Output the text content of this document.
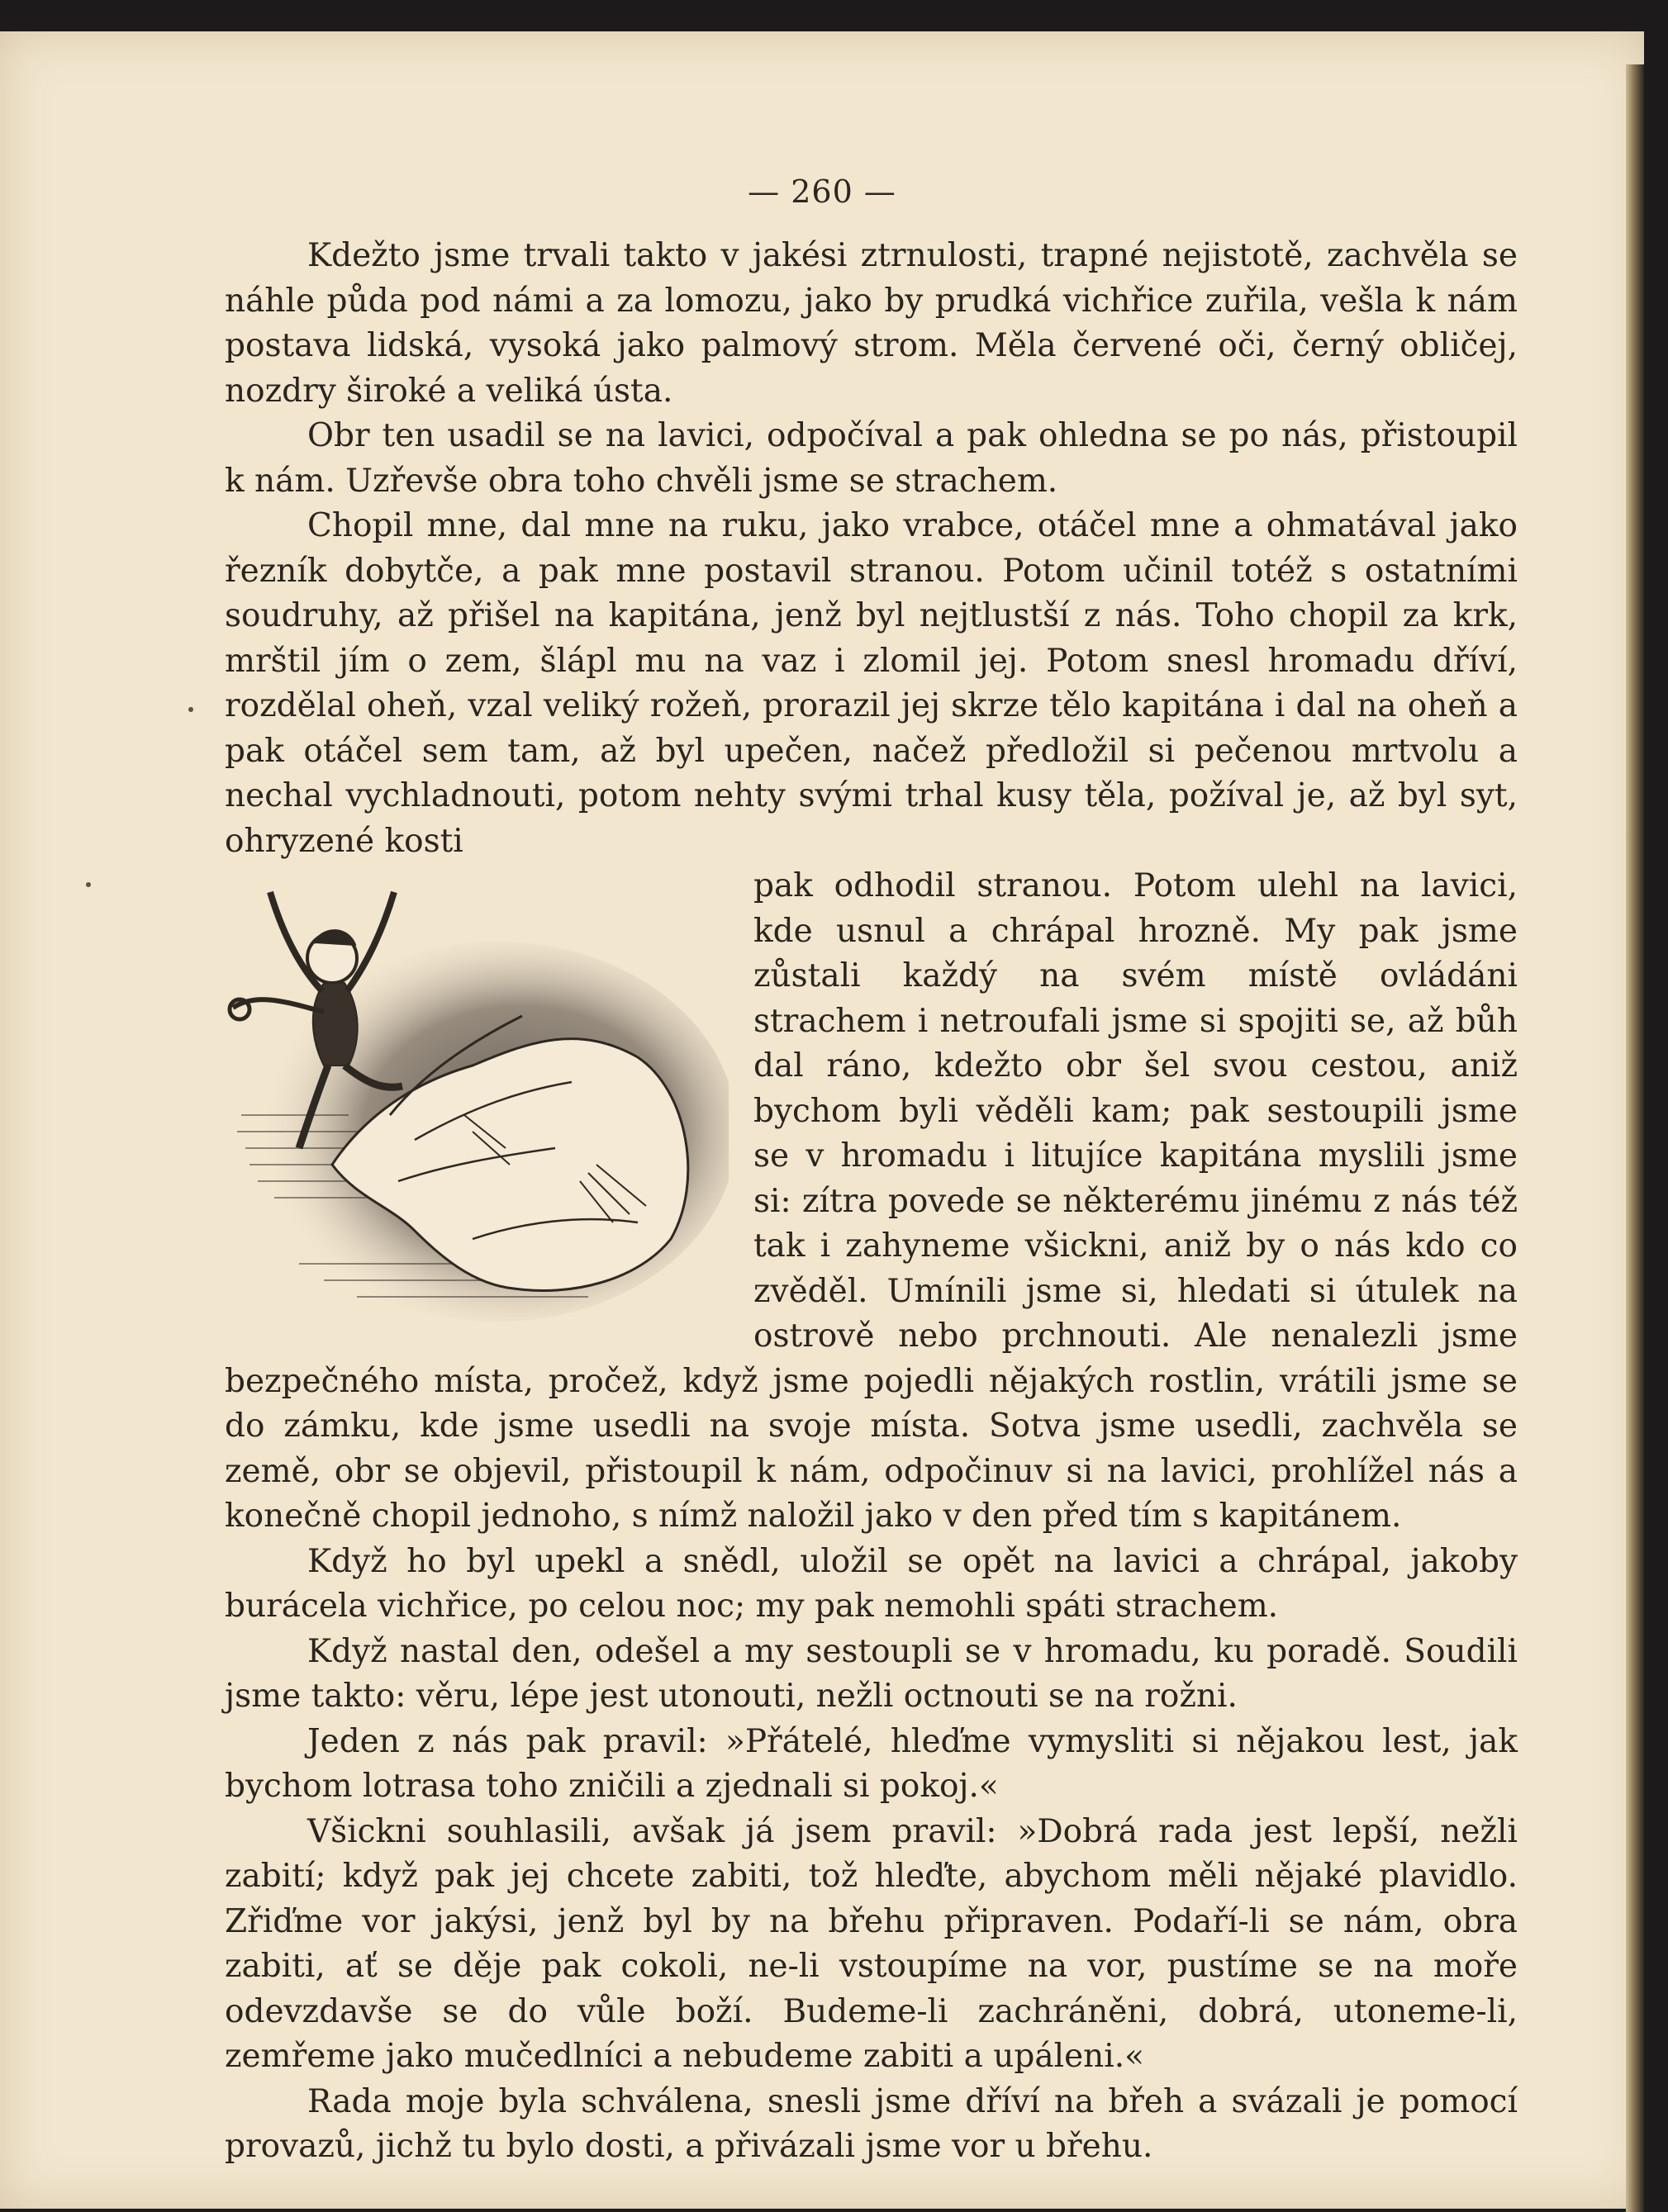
— 260 —

Kdežto jsme trvali takto v jakési ztrnulosti, trapné nejistotě, zachvěla se náhle půda pod námi a za lomozu, jako by prudká vichřice zuřila, vešla k nám postava lidská, vysoká jako palmový strom. Měla červené oči, černý obličej, nozdry široké a veliká ústa.

Obr ten usadil se na lavici, odpočíval a pak ohledna se po nás, přistoupil k nám. Uzřevše obra toho chvěli jsme se strachem.

Chopil mne, dal mne na ruku, jako vrabce, otáčel mne a ohmatával jako řezník dobytče, a pak mne postavil stranou. Potom učinil totéž s ostatními soudruhy, až přišel na kapitána, jenž byl nejtlustší z nás. Toho chopil za krk, mrštil jím o zem, šlápl mu na vaz i zlomil jej. Potom snesl hromadu dříví, rozdělal oheň, vzal veliký rožeň, prorazil jej skrze tělo kapitána i dal na oheň a pak otáčel sem tam, až byl upečen, načež předložil si pečenou mrtvolu a nechal vychladnouti, potom nehty svými trhal kusy těla, požíval je, až byl syt, ohryzené kosti

pak odhodil stranou. Potom ulehl na lavici, kde usnul a chrápal hrozně. My pak jsme zůstali každý na svém místě ovládáni strachem i netroufali jsme si spojiti se, až bůh dal ráno, kdežto obr šel svou cestou, aniž bychom byli věděli kam; pak sestoupili jsme se v hromadu i litujíce kapitána myslili jsme si: zítra povede se některému jinému z nás též tak i zahyneme všickni, aniž by o nás kdo co zvěděl. Umínili jsme si, hledati si útulek na ostrově nebo prchnouti. Ale nenalezli jsme bezpečného místa, pročež, když jsme pojedli nějakých rostlin, vrátili jsme se do zámku, kde jsme usedli na svoje místa. Sotva jsme usedli, zachvěla se země, obr se objevil, přistoupil k nám, odpočinuv si na lavici, prohlížel nás a konečně chopil jednoho, s nímž naložil jako v den před tím s kapitánem.

Když ho byl upekl a snědl, uložil se opět na lavici a chrápal, jakoby burácela vichřice, po celou noc; my pak nemohli spáti strachem.

Když nastal den, odešel a my sestoupli se v hromadu, ku poradě. Soudili jsme takto: věru, lépe jest utonouti, nežli octnouti se na rožni.

Jeden z nás pak pravil: »Přátelé, hleďme vymysliti si nějakou lest, jak bychom lotrasa toho zničili a zjednali si pokoj.«

Všickni souhlasili, avšak já jsem pravil: »Dobrá rada jest lepší, nežli zabití; když pak jej chcete zabiti, tož hleďte, abychom měli nějaké plavidlo. Zřiďme vor jakýsi, jenž byl by na břehu připraven. Podaří-li se nám, obra zabiti, ať se děje pak cokoli, ne-li vstoupíme na vor, pustíme se na moře odevzdavše se do vůle boží. Budeme-li zachráněni, dobrá, utoneme-li, zemřeme jako mučedlníci a nebudeme zabiti a upáleni.«

Rada moje byla schválena, snesli jsme dříví na břeh a svázali je pomocí provazů, jichž tu bylo dosti, a přivázali jsme vor u břehu.
